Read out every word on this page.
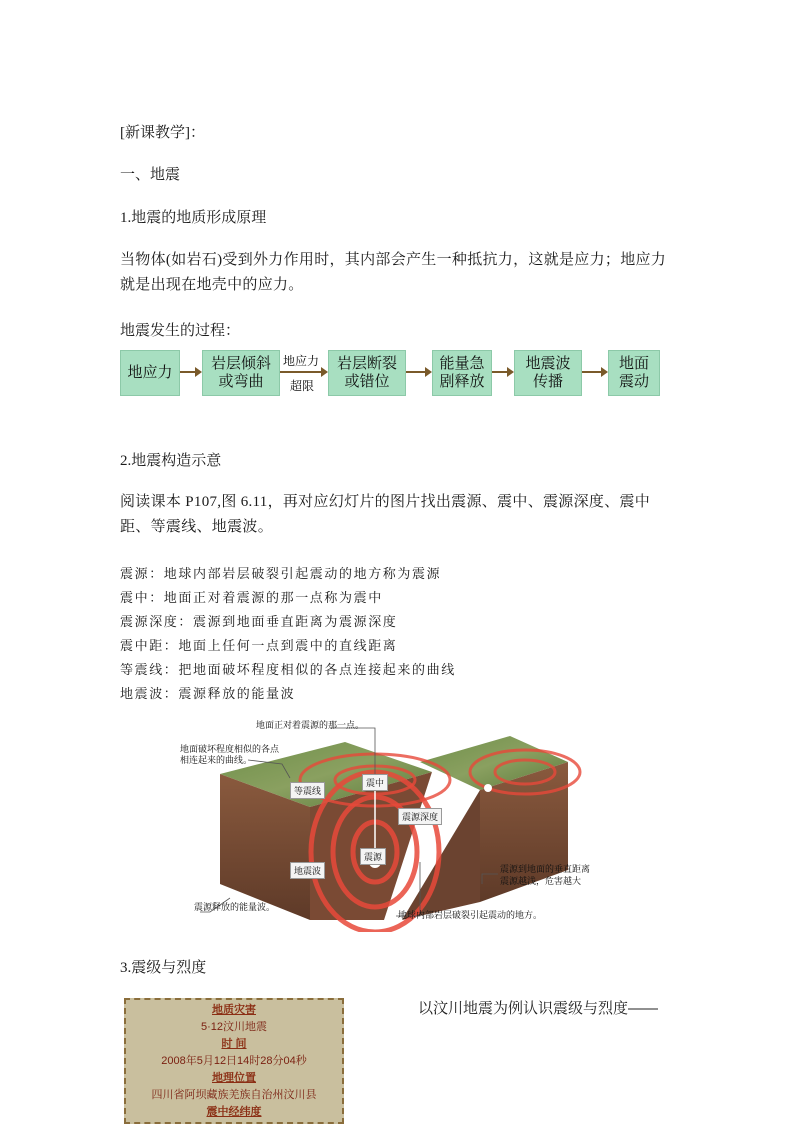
[新课教学]：
一、地震
1.地震的地质形成原理
当物体(如岩石)受到外力作用时，其内部会产生一种抵抗力，这就是应力；地应力就是出现在地壳中的应力。
地震发生的过程：
地应力
岩层倾斜
或弯曲
地应力
超限
岩层断裂
或错位
能量急
剧释放
地震波
传播
地面
震动
2.地震构造示意
阅读课本 P107,图 6.11，再对应幻灯片的图片找出震源、震中、震源深度、震中距、等震线、地震波。
震源：地球内部岩层破裂引起震动的地方称为震源
震中：地面正对着震源的那一点称为震中
震源深度：震源到地面垂直距离为震源深度
震中距：地面上任何一点到震中的直线距离
等震线：把地面破坏程度相似的各点连接起来的曲线
地震波：震源释放的能量波
地面正对着震源的那一点。
地面破坏程度相似的各点
相连起来的曲线。
震中
等震线
震源深度
地震波
震源
震源到地面的垂直距离
震源越浅，危害越大
震源释放的能量波。
地球内部岩层破裂引起震动的地方。
3.震级与烈度
地质灾害
5·12汶川地震
时 间
2008年5月12日14时28分04秒
地理位置
四川省阿坝藏族羌族自治州汶川县
震中经纬度
以汶川地震为例认识震级与烈度——
